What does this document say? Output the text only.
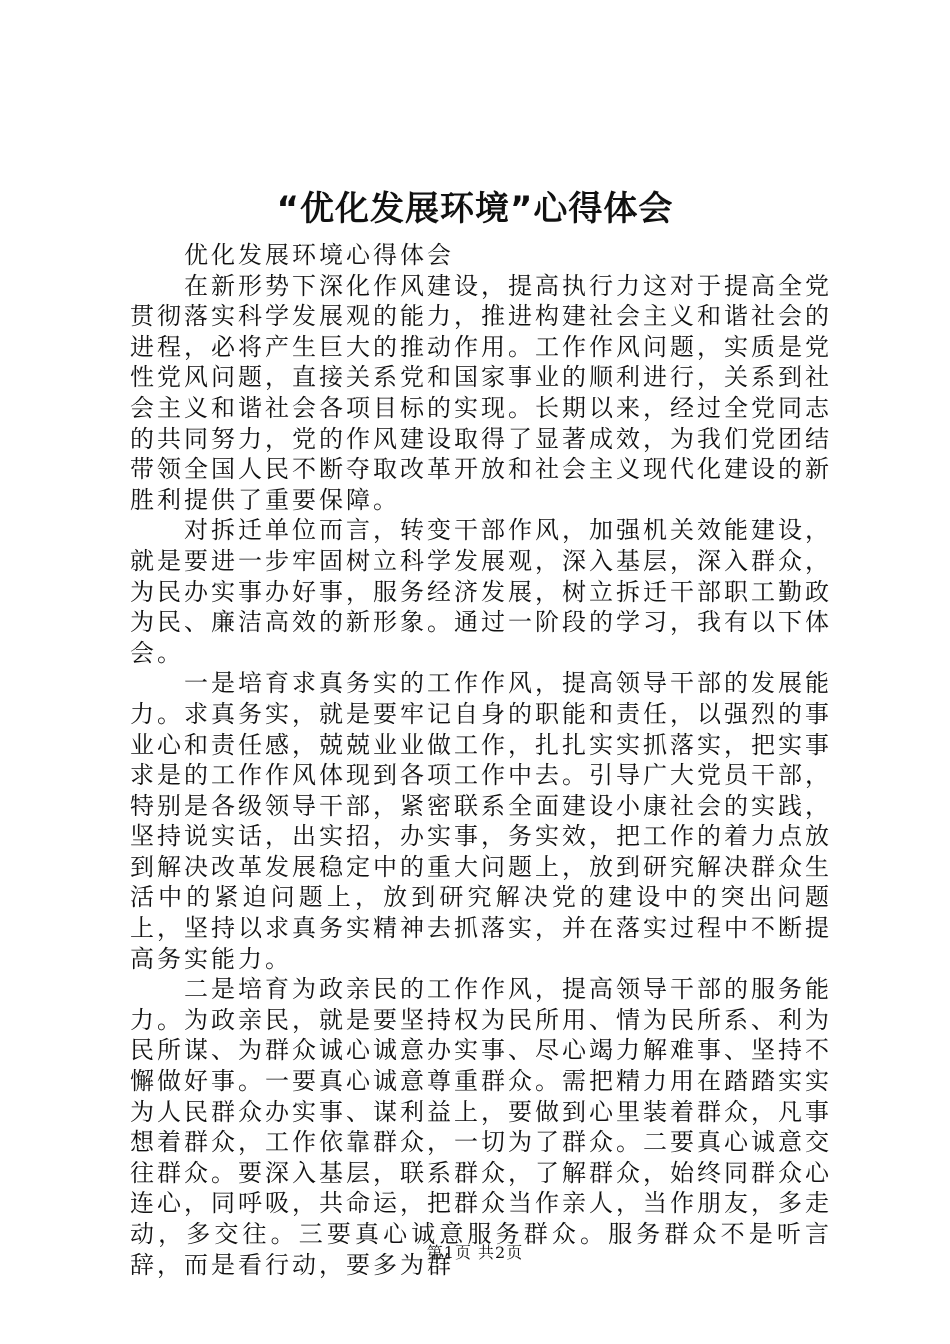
“优化发展环境”心得体会

优化发展环境心得体会

在新形势下深化作风建设，提高执行力这对于提高全党贯彻落实科学发展观的能力，推进构建社会主义和谐社会的进程，必将产生巨大的推动作用。工作作风问题，实质是党性党风问题，直接关系党和国家事业的顺利进行，关系到社会主义和谐社会各项目标的实现。长期以来，经过全党同志的共同努力，党的作风建设取得了显著成效，为我们党团结带领全国人民不断夺取改革开放和社会主义现代化建设的新胜利提供了重要保障。

对拆迁单位而言，转变干部作风，加强机关效能建设，就是要进一步牢固树立科学发展观，深入基层，深入群众，为民办实事办好事，服务经济发展，树立拆迁干部职工勤政为民、廉洁高效的新形象。通过一阶段的学习，我有以下体会。

一是培育求真务实的工作作风，提高领导干部的发展能力。求真务实，就是要牢记自身的职能和责任，以强烈的事业心和责任感，兢兢业业做工作，扎扎实实抓落实，把实事求是的工作作风体现到各项工作中去。引导广大党员干部，特别是各级领导干部，紧密联系全面建设小康社会的实践，坚持说实话，出实招，办实事，务实效，把工作的着力点放到解决改革发展稳定中的重大问题上，放到研究解决群众生活中的紧迫问题上，放到研究解决党的建设中的突出问题上，坚持以求真务实精神去抓落实，并在落实过程中不断提高务实能力。

二是培育为政亲民的工作作风，提高领导干部的服务能力。为政亲民，就是要坚持权为民所用、情为民所系、利为民所谋、为群众诚心诚意办实事、尽心竭力解难事、坚持不懈做好事。一要真心诚意尊重群众。需把精力用在踏踏实实为人民群众办实事、谋利益上，要做到心里装着群众，凡事想着群众，工作依靠群众，一切为了群众。二要真心诚意交往群众。要深入基层，联系群众，了解群众，始终同群众心连心，同呼吸，共命运，把群众当作亲人，当作朋友，多走动，多交往。三要真心诚意服务群众。服务群众不是听言辞，而是看行动，要多为群

第1页 共2页
